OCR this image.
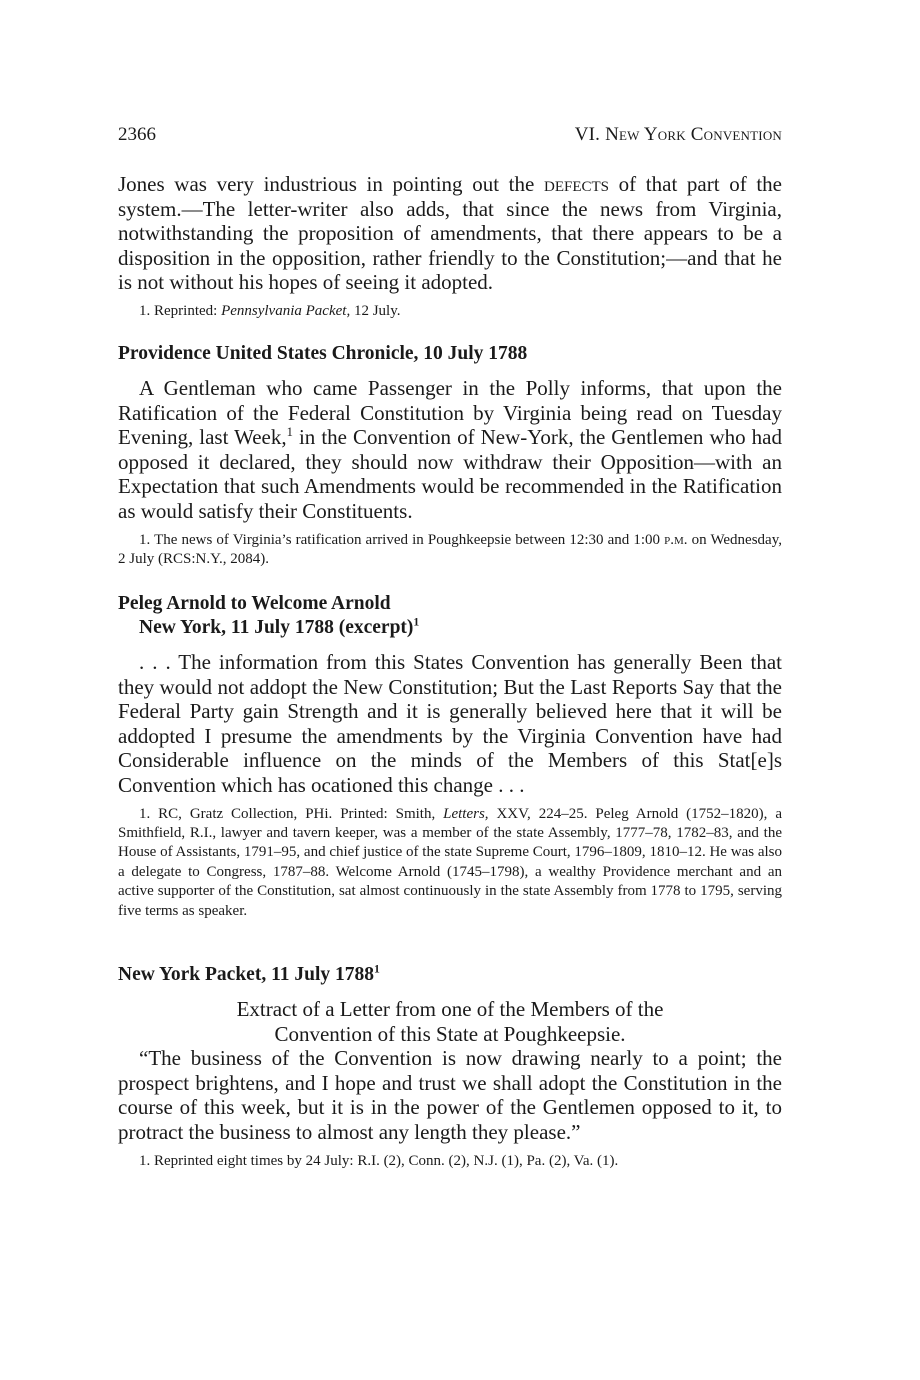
2366	VI. New York Convention

Jones was very industrious in pointing out the defects of that part of the system.—The letter-writer also adds, that since the news from Virginia, notwithstanding the proposition of amendments, that there appears to be a disposition in the opposition, rather friendly to the Constitution;—and that he is not without his hopes of seeing it adopted.

1. Reprinted: Pennsylvania Packet, 12 July.

Providence United States Chronicle, 10 July 1788

A Gentleman who came Passenger in the Polly informs, that upon the Ratification of the Federal Constitution by Virginia being read on Tuesday Evening, last Week,$^1$ in the Convention of New-York, the Gentlemen who had opposed it declared, they should now withdraw their Opposition—with an Expectation that such Amendments would be recommended in the Ratification as would satisfy their Constituents.

1. The news of Virginia’s ratification arrived in Poughkeepsie between 12:30 and 1:00 p.m. on Wednesday, 2 July (RCS:N.Y., 2084).

Peleg Arnold to Welcome Arnold
New York, 11 July 1788 (excerpt)$^1$

. . . The information from this States Convention has generally Been that they would not addopt the New Constitution; But the Last Reports Say that the Federal Party gain Strength and it is generally believed here that it will be addopted I presume the amendments by the Virginia Convention have had Considerable influence on the minds of the Members of this Stat[e]s Convention which has ocationed this change . . .

1. RC, Gratz Collection, PHi. Printed: Smith, Letters, XXV, 224–25. Peleg Arnold (1752–1820), a Smithfield, R.I., lawyer and tavern keeper, was a member of the state Assembly, 1777–78, 1782–83, and the House of Assistants, 1791–95, and chief justice of the state Supreme Court, 1796–1809, 1810–12. He was also a delegate to Congress, 1787–88. Welcome Arnold (1745–1798), a wealthy Providence merchant and an active supporter of the Constitution, sat almost continuously in the state Assembly from 1778 to 1795, serving five terms as speaker.

New York Packet, 11 July 1788$^1$

Extract of a Letter from one of the Members of the
Convention of this State at Poughkeepsie.

“The business of the Convention is now drawing nearly to a point; the prospect brightens, and I hope and trust we shall adopt the Constitution in the course of this week, but it is in the power of the Gentlemen opposed to it, to protract the business to almost any length they please.”

1. Reprinted eight times by 24 July: R.I. (2), Conn. (2), N.J. (1), Pa. (2), Va. (1).
